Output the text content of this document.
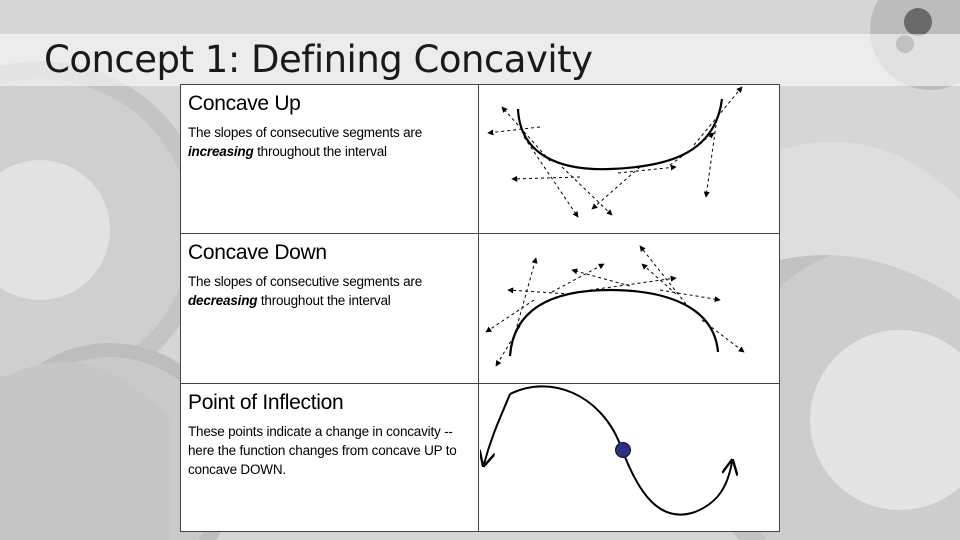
Concept 1: Defining Concavity

Concave Up

The slopes of consecutive segments are increasing throughout the interval

Concave Down

The slopes of consecutive segments are decreasing throughout the interval

Point of Inflection

These points indicate a change in concavity -- here the function changes from concave UP to concave DOWN.
